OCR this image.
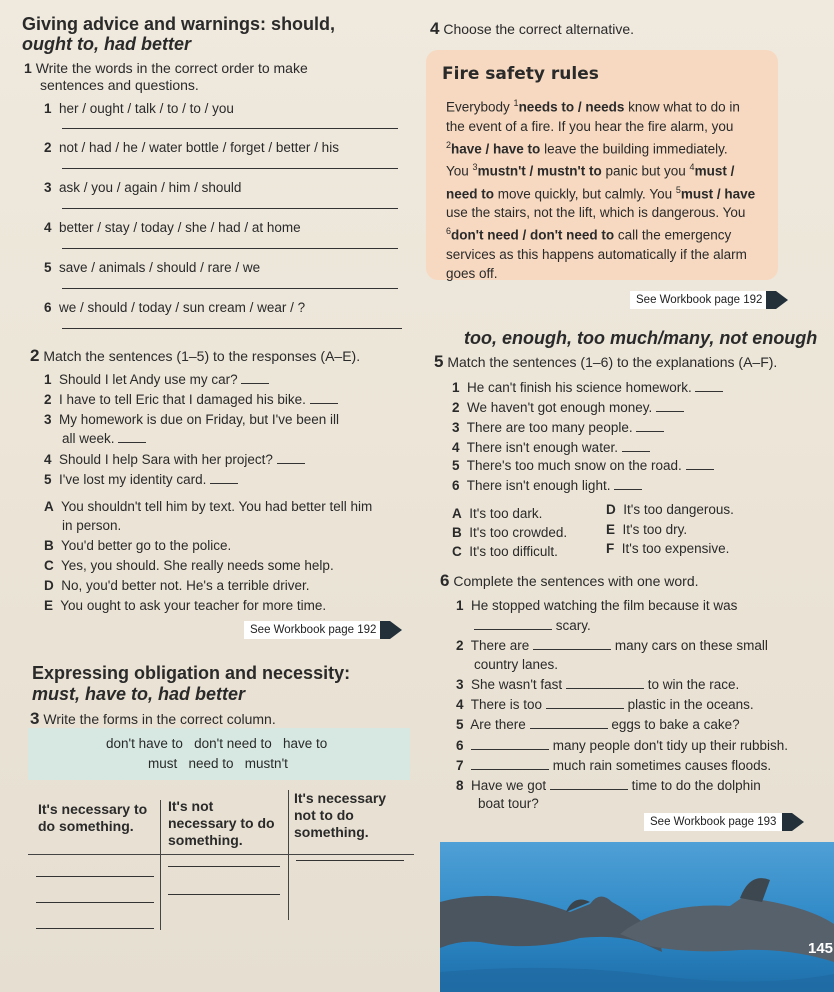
Giving advice and warnings: should,
ought to, had better
1 Write the words in the correct order to make
sentences and questions.
1 her / ought / talk / to / to / you
2 not / had / he / water bottle / forget / better / his
3 ask / you / again / him / should
4 better / stay / today / she / had / at home
5 save / animals / should / rare / we
6 we / should / today / sun cream / wear / ?
2 Match the sentences (1–5) to the responses (A–E).
1 Should I let Andy use my car?
2 I have to tell Eric that I damaged his bike.
3 My homework is due on Friday, but I've been ill
all week.
4 Should I help Sara with her project?
5 I've lost my identity card.
A You shouldn't tell him by text. You had better tell him
in person.
B You'd better go to the police.
C Yes, you should. She really needs some help.
D No, you'd better not. He's a terrible driver.
E You ought to ask your teacher for more time.
See Workbook page 192
Expressing obligation and necessity:
must, have to, had better
3 Write the forms in the correct column.
don't have to   don't need to   have to
must   need to   mustn't
It's necessary to
do something.
It's not
necessary to do
something.
It's necessary
not to do
something.
4 Choose the correct alternative.
Fire safety rules
Everybody $^1$needs to / needs know what to do in
the event of a fire. If you hear the fire alarm, you
$^2$have / have to leave the building immediately.
You $^3$mustn't / mustn't to panic but you $^4$must /
need to move quickly, but calmly. You $^5$must / have
use the stairs, not the lift, which is dangerous. You
$^6$don't need / don't need to call the emergency
services as this happens automatically if the alarm
goes off.
See Workbook page 192
too, enough, too much/many, not enough
5 Match the sentences (1–6) to the explanations (A–F).
1 He can't finish his science homework.
2 We haven't got enough money.
3 There are too many people.
4 There isn't enough water.
5 There's too much snow on the road.
6 There isn't enough light.
A It's too dark.
B It's too crowded.
C It's too difficult.
D It's too dangerous.
E It's too dry.
F It's too expensive.
6 Complete the sentences with one word.
1 He stopped watching the film because it was
scary.
2 There are	many cars on these small
country lanes.
3 She wasn't fast	to win the race.
4 There is too	plastic in the oceans.
5 Are there	eggs to bake a cake?
6	many people don't tidy up their rubbish.
7	much rain sometimes causes floods.
8 Have we got	time to do the dolphin
boat tour?
See Workbook page 193
145
